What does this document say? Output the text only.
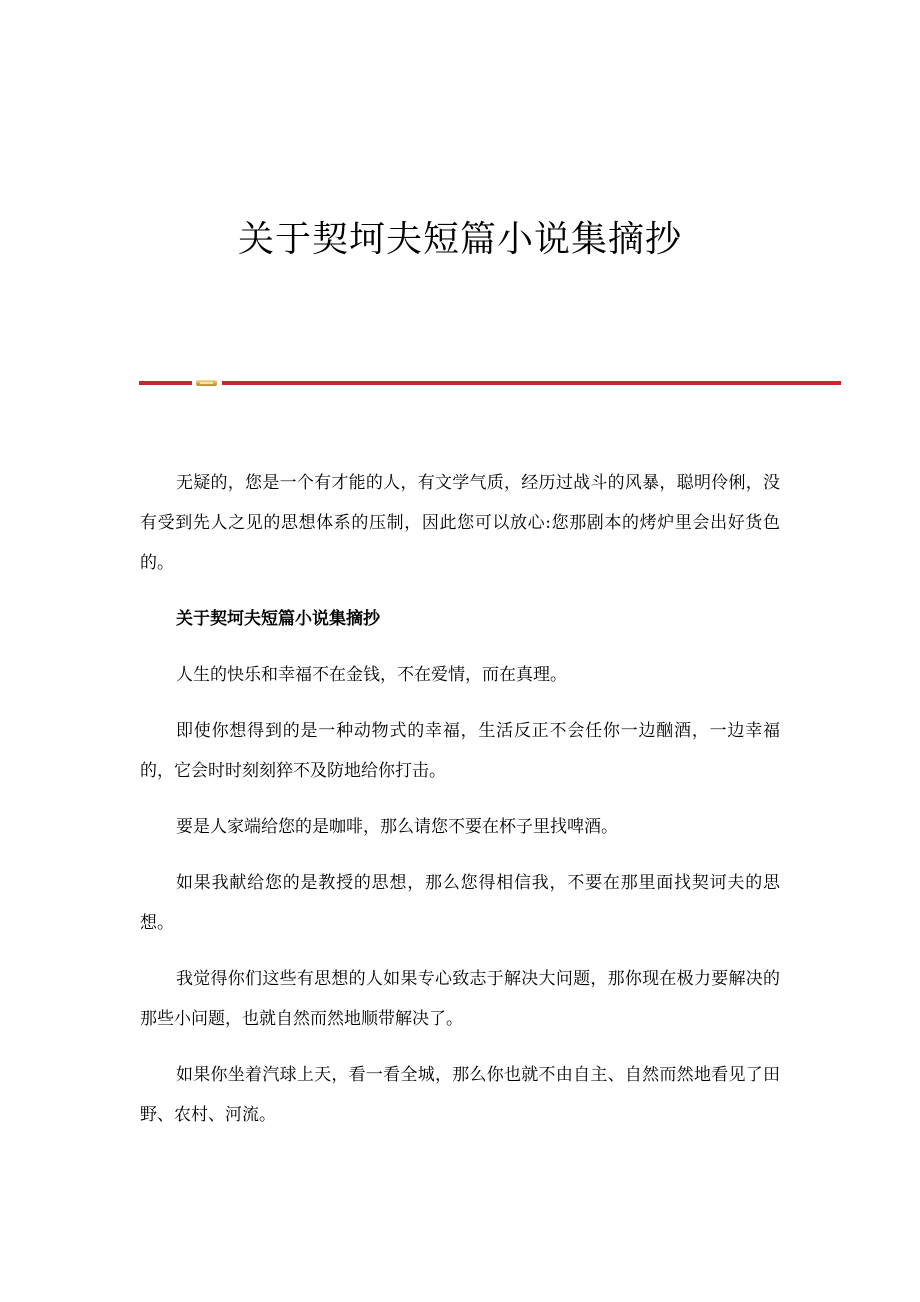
关于契坷夫短篇小说集摘抄

无疑的，您是一个有才能的人，有文学气质，经历过战斗的风暴，聪明伶俐，没有受到先人之见的思想体系的压制，因此您可以放心:您那剧本的烤炉里会出好货色的。

关于契坷夫短篇小说集摘抄

人生的快乐和幸福不在金钱，不在爱情，而在真理。

即使你想得到的是一种动物式的幸福，生活反正不会任你一边酗酒，一边幸福的，它会时时刻刻猝不及防地给你打击。

要是人家端给您的是咖啡，那么请您不要在杯子里找啤酒。

如果我献给您的是教授的思想，那么您得相信我，不要在那里面找契诃夫的思想。

我觉得你们这些有思想的人如果专心致志于解决大问题，那你现在极力要解决的那些小问题，也就自然而然地顺带解决了。

如果你坐着汽球上天，看一看全城，那么你也就不由自主、自然而然地看见了田野、农村、河流。
